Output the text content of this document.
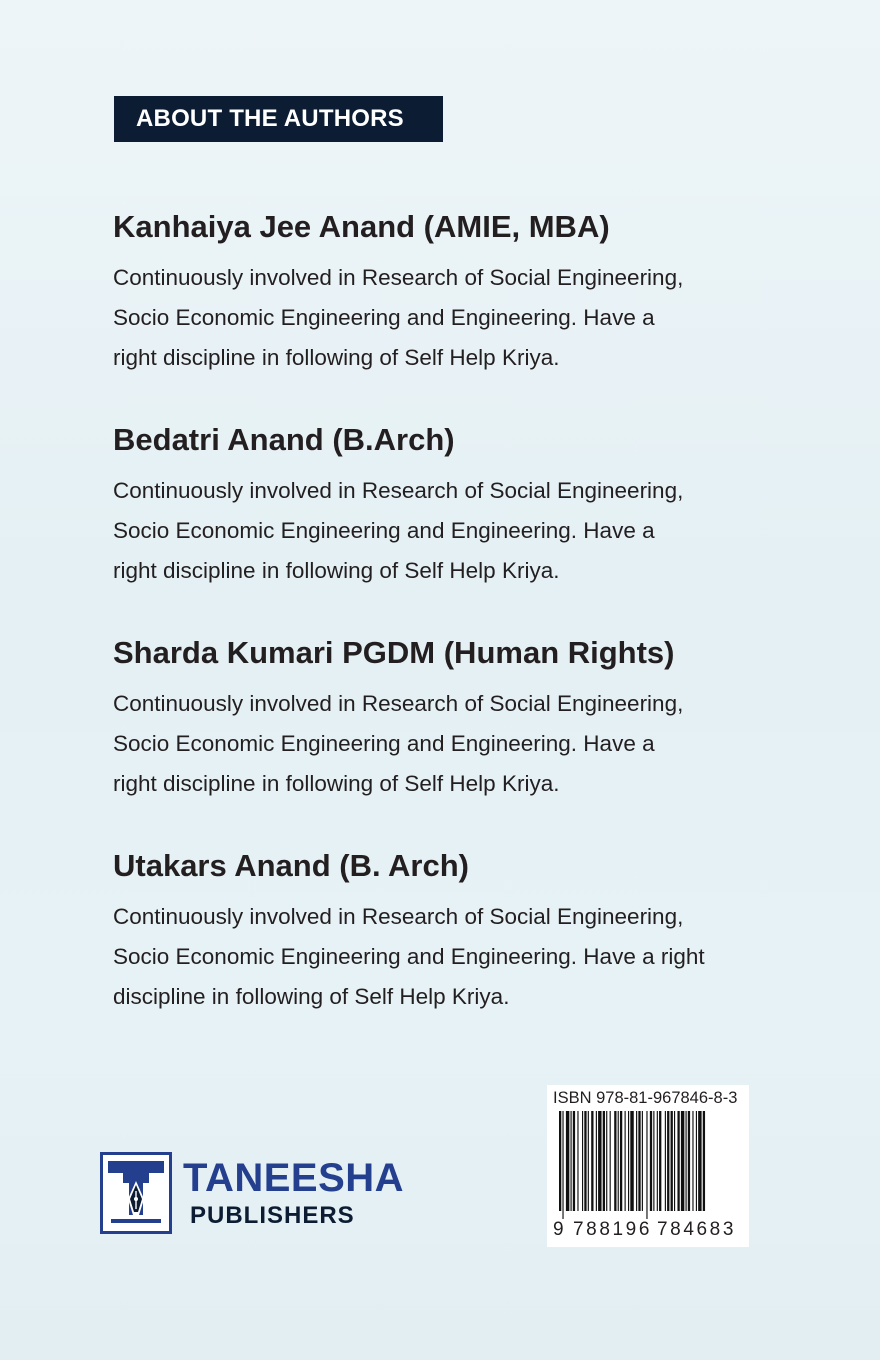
ABOUT THE AUTHORS

Kanhaiya Jee Anand (AMIE, MBA)

Continuously involved in Research of Social Engineering,
Socio Economic Engineering and Engineering. Have a
right discipline in following of Self Help Kriya.

Bedatri Anand (B.Arch)

Continuously involved in Research of Social Engineering,
Socio Economic Engineering and Engineering. Have a
right discipline in following of Self Help Kriya.

Sharda Kumari PGDM (Human Rights)

Continuously involved in Research of Social Engineering,
Socio Economic Engineering and Engineering. Have a
right discipline in following of Self Help Kriya.

Utakars Anand (B. Arch)

Continuously involved in Research of Social Engineering,
Socio Economic Engineering and Engineering. Have a right
discipline in following of Self Help Kriya.

TANEESHA
PUBLISHERS
ISBN 978-81-967846-8-3
9 788196 784683
